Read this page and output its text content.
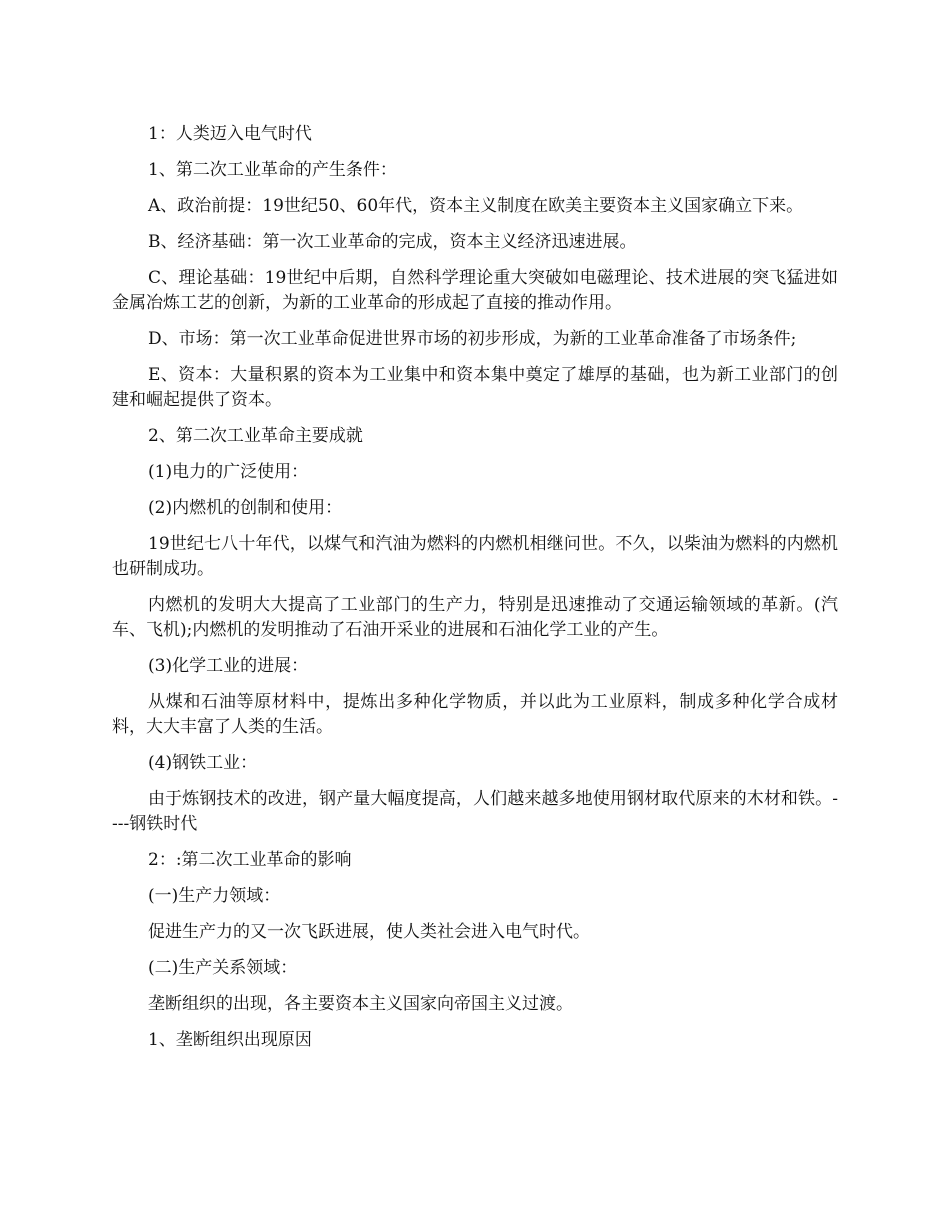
1：人类迈入电气时代

1、第二次工业革命的产生条件：

A、政治前提：19世纪50、60年代，资本主义制度在欧美主要资本主义国家确立下来。

B、经济基础：第一次工业革命的完成，资本主义经济迅速进展。

C、理论基础：19世纪中后期，自然科学理论重大突破如电磁理论、技术进展的突飞猛进如金属冶炼工艺的创新，为新的工业革命的形成起了直接的推动作用。

D、市场：第一次工业革命促进世界市场的初步形成，为新的工业革命准备了市场条件;

E、资本：大量积累的资本为工业集中和资本集中奠定了雄厚的基础，也为新工业部门的创建和崛起提供了资本。

2、第二次工业革命主要成就

(1)电力的广泛使用：

(2)内燃机的创制和使用：

19世纪七八十年代，以煤气和汽油为燃料的内燃机相继问世。不久，以柴油为燃料的内燃机也研制成功。

内燃机的发明大大提高了工业部门的生产力，特别是迅速推动了交通运输领域的革新。(汽车、飞机);内燃机的发明推动了石油开采业的进展和石油化学工业的产生。

(3)化学工业的进展：

从煤和石油等原材料中，提炼出多种化学物质，并以此为工业原料，制成多种化学合成材料，大大丰富了人类的生活。

(4)钢铁工业：

由于炼钢技术的改进，钢产量大幅度提高，人们越来越多地使用钢材取代原来的木材和铁。----钢铁时代

2：:第二次工业革命的影响

(一)生产力领域：

促进生产力的又一次飞跃进展，使人类社会进入电气时代。

(二)生产关系领域：

垄断组织的出现，各主要资本主义国家向帝国主义过渡。

1、垄断组织出现原因
